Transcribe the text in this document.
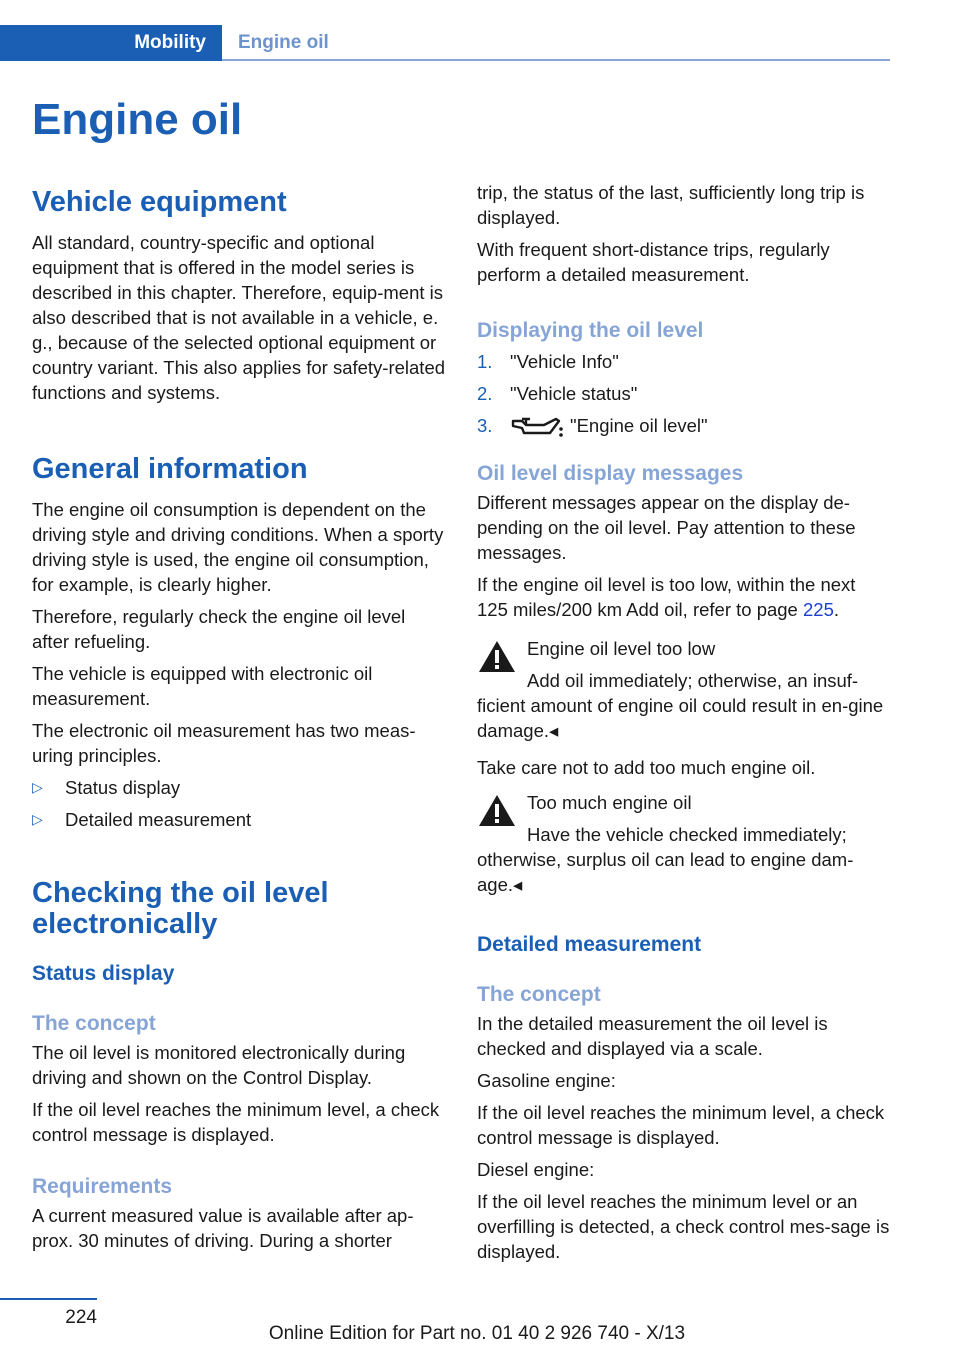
Mobility	Engine oil
Engine oil
Vehicle equipment

All standard, country-specific and optional equipment that is offered in the model series is described in this chapter. Therefore, equip-ment is also described that is not available in a vehicle, e. g., because of the selected optional equipment or country variant. This also applies for safety-related functions and systems.

General information

The engine oil consumption is dependent on the driving style and driving conditions. When a sporty driving style is used, the engine oil consumption, for example, is clearly higher.

Therefore, regularly check the engine oil level after refueling.

The vehicle is equipped with electronic oil measurement.

The electronic oil measurement has two meas-uring principles.

▷	Status display
▷	Detailed measurement
Checking the oil level
electronically
Status display
The concept

The oil level is monitored electronically during driving and shown on the Control Display.

If the oil level reaches the minimum level, a check control message is displayed.

Requirements

A current measured value is available after ap-prox. 30 minutes of driving. During a shorter

trip, the status of the last, sufficiently long trip is displayed.

With frequent short-distance trips, regularly perform a detailed measurement.

Displaying the oil level
1. "Vehicle Info"
2. "Vehicle status"
3.	"Engine oil level"
Oil level display messages

Different messages appear on the display de-pending on the oil level. Pay attention to these messages.

If the engine oil level is too low, within the next 125 miles/200 km Add oil, refer to page 225.

Engine oil level too low

Add oil immediately; otherwise, an insuf-

ficient amount of engine oil could result in en-gine damage.◂

Take care not to add too much engine oil.

Too much engine oil

Have the vehicle checked immediately;

otherwise, surplus oil can lead to engine dam-age.◂

Detailed measurement
The concept

In the detailed measurement the oil level is checked and displayed via a scale.

Gasoline engine:

If the oil level reaches the minimum level, a check control message is displayed.

Diesel engine:

If the oil level reaches the minimum level or an overfilling is detected, a check control mes-sage is displayed.

224
Online Edition for Part no. 01 40 2 926 740 - X/13
